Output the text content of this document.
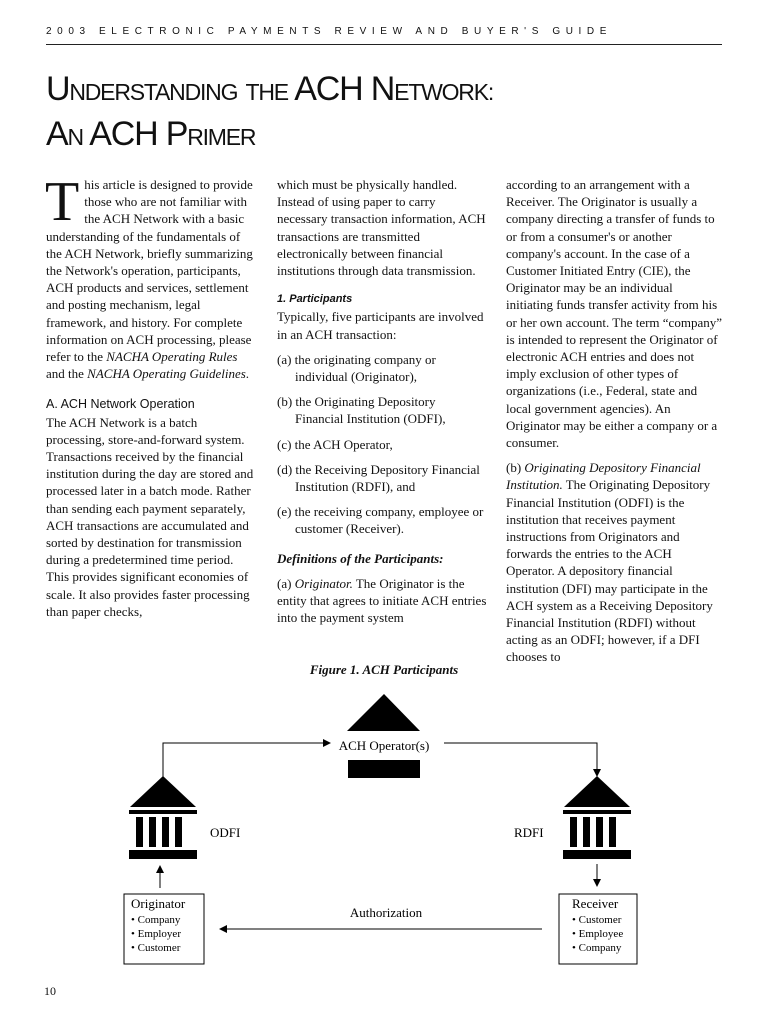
2003 ELECTRONIC PAYMENTS REVIEW AND BUYER'S GUIDE
UNDERSTANDING THE ACH NETWORK:
AN ACH PRIMER

This article is designed to provide those who are not familiar with the ACH Network with a basic understanding of the fundamentals of the ACH Network, briefly summarizing the Network's operation, participants, ACH products and services, settlement and posting mechanism, legal framework, and history. For complete information on ACH processing, please refer to the NACHA Operating Rules and the NACHA Operating Guidelines.

A. ACH Network Operation

The ACH Network is a batch processing, store-and-forward system. Transactions received by the financial institution during the day are stored and processed later in a batch mode. Rather than sending each payment separately, ACH transactions are accumulated and sorted by destination for transmission during a predetermined time period. This provides significant economies of scale. It also provides faster processing than paper checks,

which must be physically handled. Instead of using paper to carry necessary transaction information, ACH transactions are transmitted electronically between financial institutions through data transmission.

1. Participants

Typically, five participants are involved in an ACH transaction:

(a) the originating company or individual (Originator),
(b) the Originating Depository Financial Institution (ODFI),
(c) the ACH Operator,
(d) the Receiving Depository Financial Institution (RDFI), and
(e) the receiving company, employee or customer (Receiver).
Definitions of the Participants:

(a) Originator. The Originator is the entity that agrees to initiate ACH entries into the payment system

according to an arrangement with a Receiver. The Originator is usually a company directing a transfer of funds to or from a consumer's or another company's account. In the case of a Customer Initiated Entry (CIE), the Originator may be an individual initiating funds transfer activity from his or her own account. The term “company” is intended to represent the Originator of electronic ACH entries and does not imply exclusion of other types of organizations (i.e., Federal, state and local government agencies). An Originator may be either a company or a consumer.

(b) Originating Depository Financial Institution. The Originating Depository Financial Institution (ODFI) is the institution that receives payment instructions from Originators and forwards the entries to the ACH Operator. A depository financial institution (DFI) may participate in the ACH system as a Receiving Depository Financial Institution (RDFI) without acting as an ODFI; however, if a DFI chooses to

Figure 1. ACH Participants
ACH Operator(s)
ODFI	RDFI
Originator
• Company
• Employer
• Customer
Receiver
• Customer
• Employee
• Company
Authorization
10
